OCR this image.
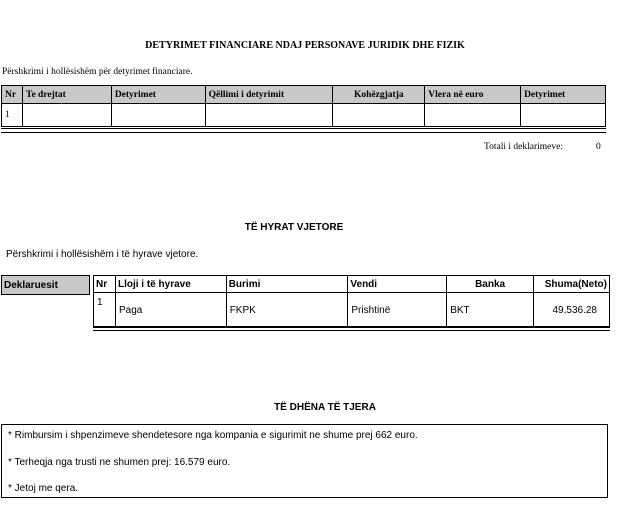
DETYRIMET FINANCIARE NDAJ PERSONAVE JURIDIK DHE FIZIK
Përshkrimi i hollësishëm për detyrimet financiare.
Nr	Te drejtat	Detyrimet	Qëllimi i detyrimit	Kohëzgjatja	Vlera në euro	Detyrimet
1						
Totali i deklarimeve:	0
TË HYRAT VJETORE
Përshkrimi i hollësishëm i të hyrave vjetore.
Deklaruesit	Nr	Lloji i të hyrave	Burimi	Vendi	Banka	Shuma(Neto)
1	Paga	FKPK	Prishtinë	BKT	49,536.28
TË DHËNA TË TJERA
* Rimbursim i shpenzimeve shendetesore nga kompania e sigurimit ne shume prej 662 euro.
* Terheqja nga trusti ne shumen prej: 16.579 euro.
* Jetoj me qera.
